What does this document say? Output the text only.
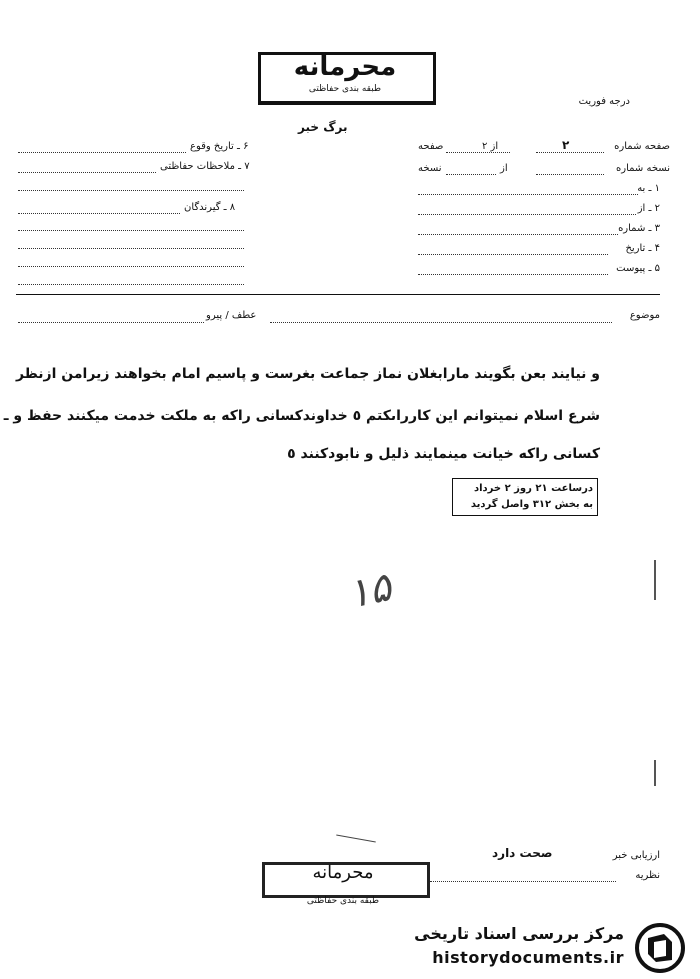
محرمانه
طبقه بندی حفاظتی
درجه فوریت
برگ خبر
صفحه شماره
۲
از ۲
صفحه
نسخه شماره
از
نسخه
۱ ـ به
۲ ـ از
۳ ـ شماره
۴ ـ تاریخ
۵ ـ پیوست
۶ ـ تاریخ وقوع
۷ ـ ملاحظات حفاظتی
۸ ـ گیرندگان
موضوع
عطف / پیرو
و نیایند بعن بگویند مارابغلان نماز جماعت بغرست و پاسیم امام بخواهند زیرامن ازنظر
شرع اسلام نمیتوانم این کارراىکتم ٥ خداوندکسانی راکه به ملکت خدمت میکنند حفظ و ـ
کسانی راکه خیانت مینمایند ذلیل و نابودکنند ٥
درساعت ۲۱ روز ۲ خرداد
به بخش ۳۱۲ واصل گردید
۱۵
ارزیابی خبر
صحت دارد
نظریه
محرمانه
طبقه بندی حفاظتی
مرکز بررسی اسناد تاریخی
historydocuments.ir
